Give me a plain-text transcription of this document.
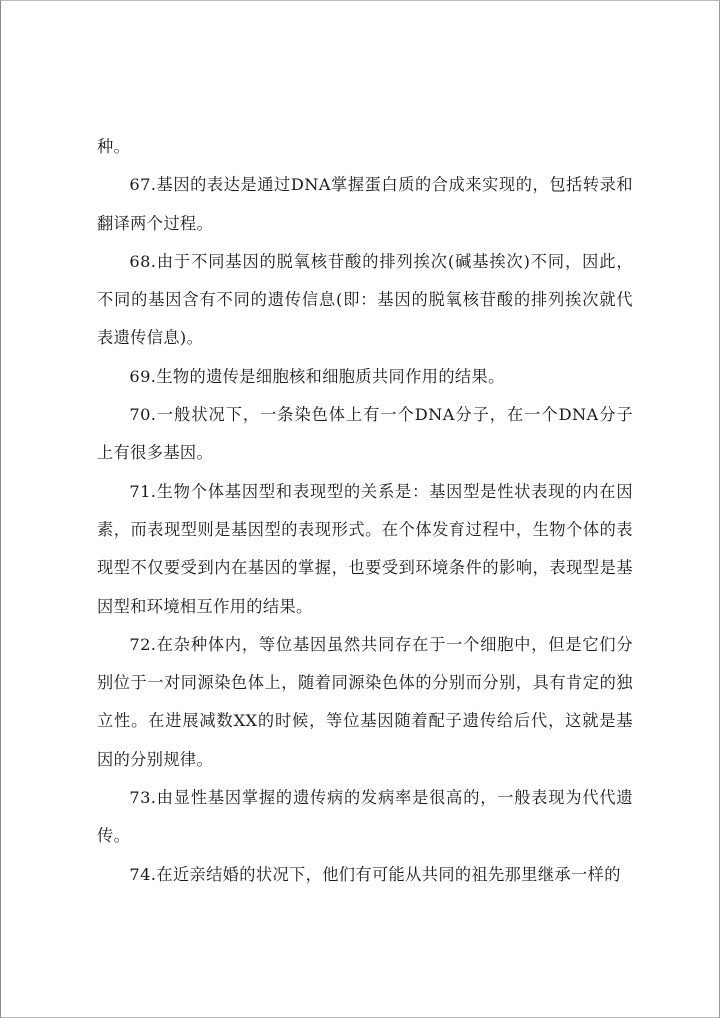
种。

67.基因的表达是通过DNA掌握蛋白质的合成来实现的，包括转录和翻译两个过程。

68.由于不同基因的脱氧核苷酸的排列挨次(碱基挨次)不同，因此，不同的基因含有不同的遗传信息(即：基因的脱氧核苷酸的排列挨次就代表遗传信息)。

69.生物的遗传是细胞核和细胞质共同作用的结果。

70.一般状况下，一条染色体上有一个DNA分子，在一个DNA分子上有很多基因。

71.生物个体基因型和表现型的关系是：基因型是性状表现的内在因素，而表现型则是基因型的表现形式。在个体发育过程中，生物个体的表现型不仅要受到内在基因的掌握，也要受到环境条件的影响，表现型是基因型和环境相互作用的结果。

72.在杂种体内，等位基因虽然共同存在于一个细胞中，但是它们分别位于一对同源染色体上，随着同源染色体的分别而分别，具有肯定的独立性。在进展减数XX的时候，等位基因随着配子遗传给后代，这就是基因的分别规律。

73.由显性基因掌握的遗传病的发病率是很高的，一般表现为代代遗传。

74.在近亲结婚的状况下，他们有可能从共同的祖先那里继承一样的
